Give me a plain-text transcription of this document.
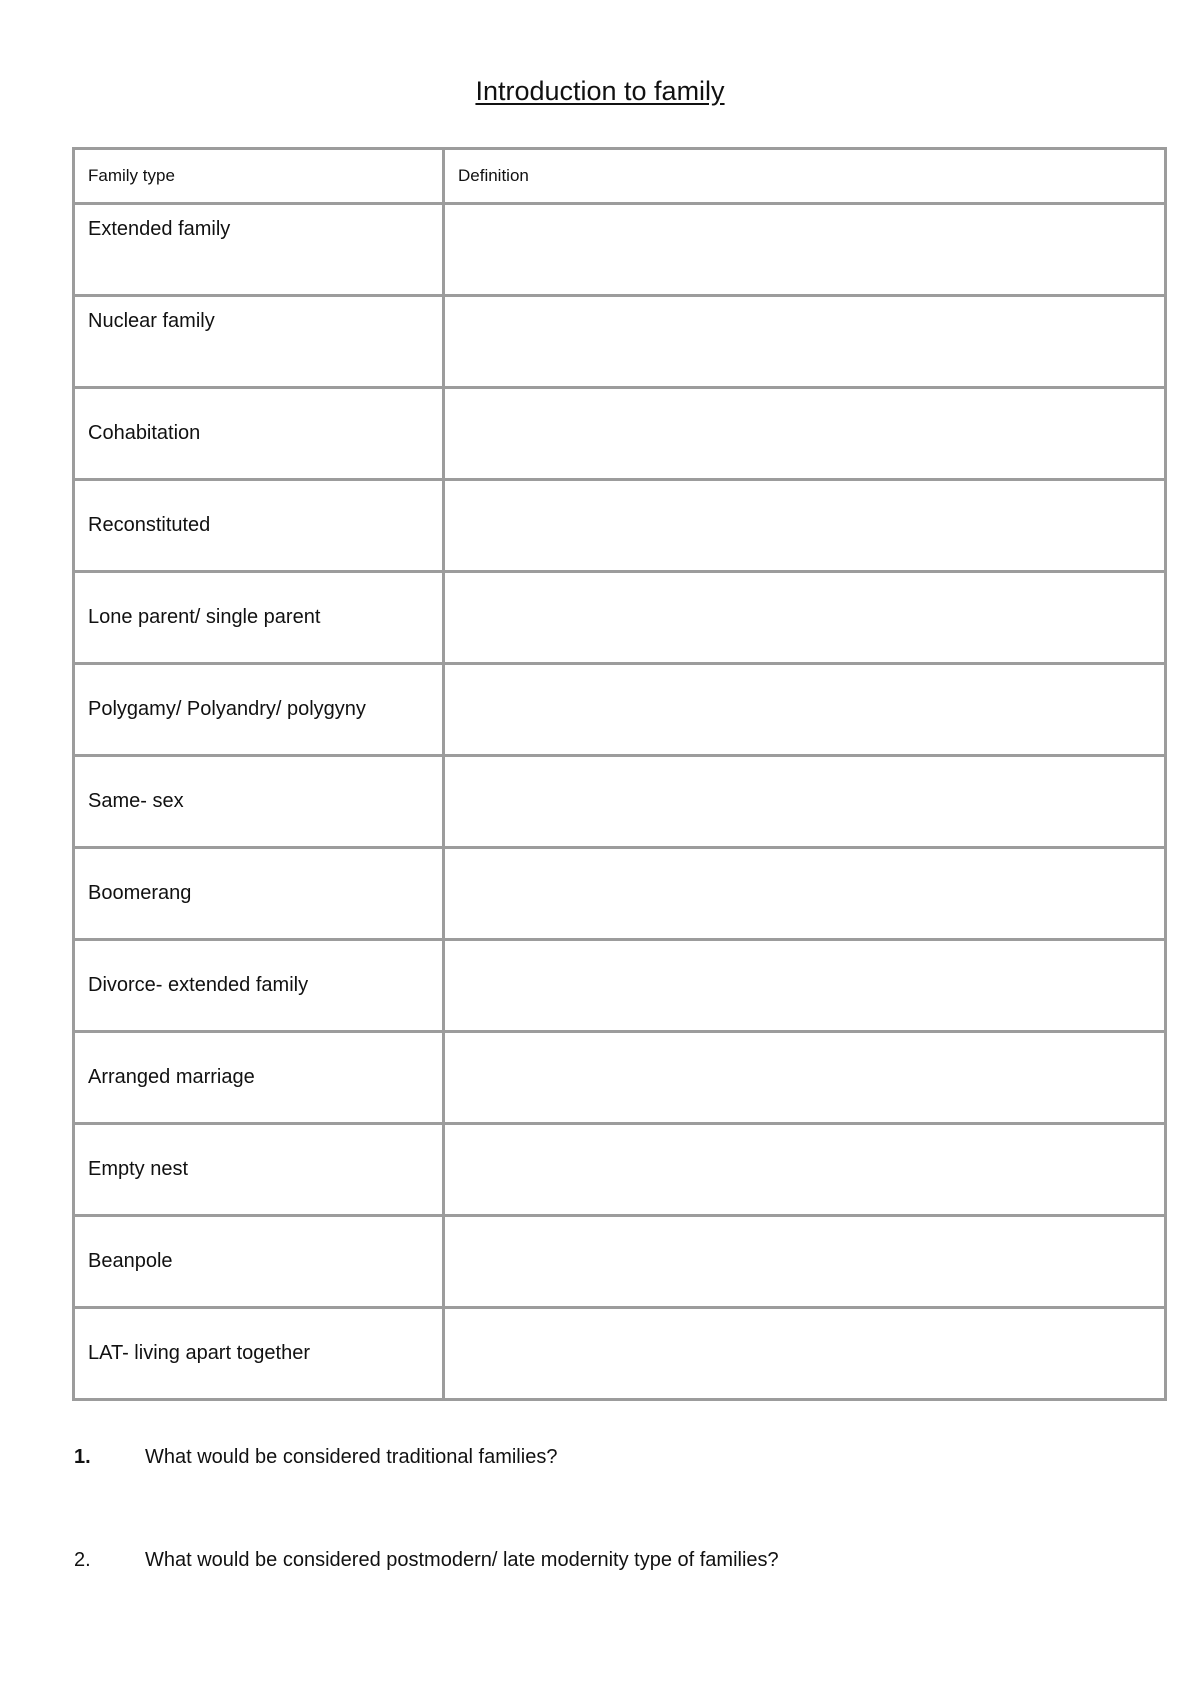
Introduction to family
Family type	Definition
Extended family	
Nuclear family	
Cohabitation	
Reconstituted	
Lone parent/ single parent	
Polygamy/ Polyandry/ polygyny	
Same- sex	
Boomerang	
Divorce- extended family	
Arranged marriage	
Empty nest	
Beanpole	
LAT- living apart together	
1.	What would be considered traditional families?
2.	What would be considered postmodern/ late modernity type of families?
